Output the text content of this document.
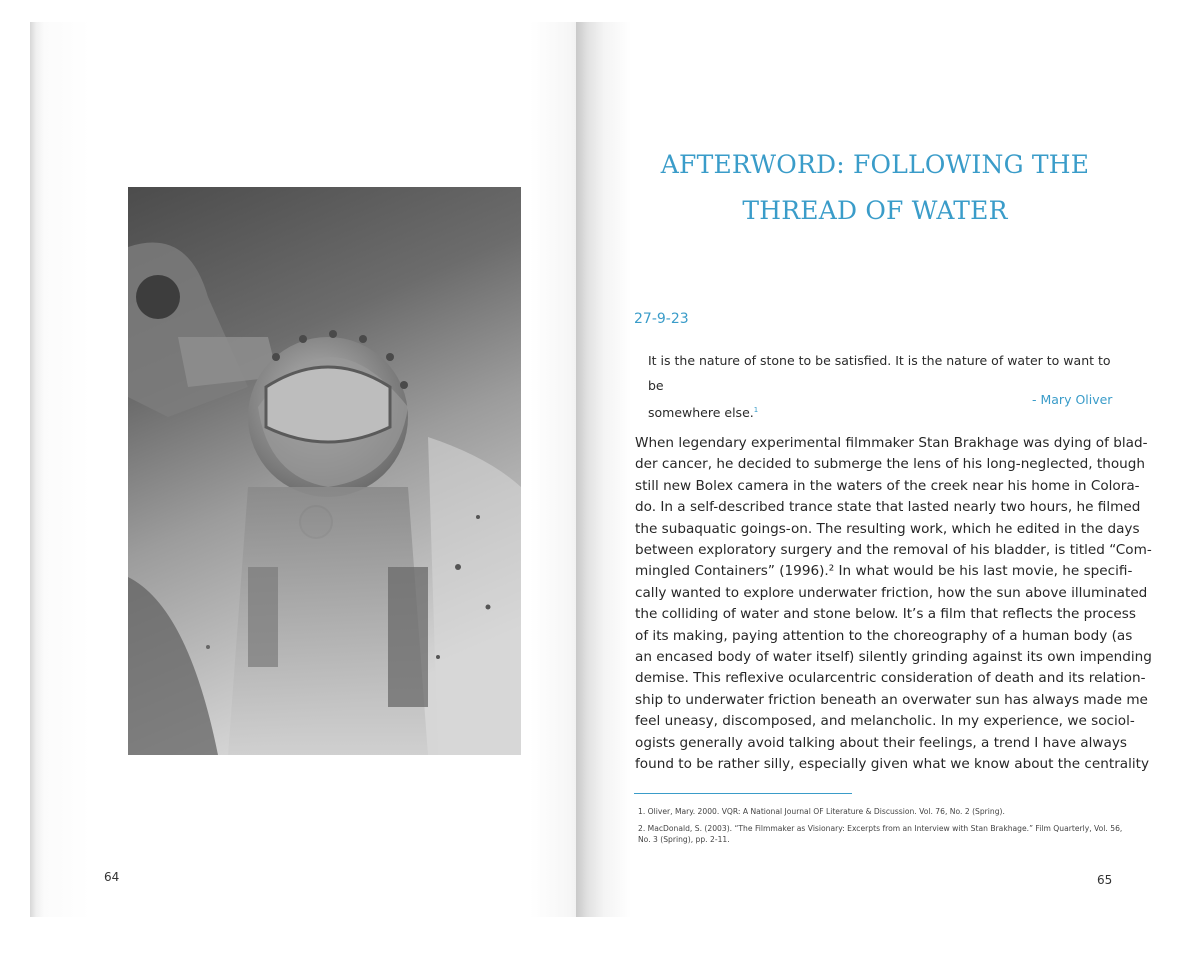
64
AFTERWORD: FOLLOWING THE
THREAD OF WATER
27-9-23
It is the nature of stone to be satisfied. It is the nature of water to want to be
somewhere else.$^1$
- Mary Oliver
When legendary experimental filmmaker Stan Brakhage was dying of blad-
der cancer, he decided to submerge the lens of his long-neglected, though
still new Bolex camera in the waters of the creek near his home in Colora-
do. In a self-described trance state that lasted nearly two hours, he filmed
the subaquatic goings-on. The resulting work, which he edited in the days
between exploratory surgery and the removal of his bladder, is titled “Com-
mingled Containers” (1996).² In what would be his last movie, he specifi-
cally wanted to explore underwater friction, how the sun above illuminated
the colliding of water and stone below. It’s a film that reflects the process
of its making, paying attention to the choreography of a human body (as
an encased body of water itself) silently grinding against its own impending
demise. This reflexive ocularcentric consideration of death and its relation-
ship to underwater friction beneath an overwater sun has always made me
feel uneasy, discomposed, and melancholic. In my experience, we sociol-
ogists generally avoid talking about their feelings, a trend I have always
found to be rather silly, especially given what we know about the centrality

1. Oliver, Mary. 2000. VQR: A National Journal OF Literature & Discussion. Vol. 76, No. 2 (Spring).

2. MacDonald, S. (2003). “The Filmmaker as Visionary: Excerpts from an Interview with Stan Brakhage.” Film Quarterly, Vol. 56, No. 3 (Spring), pp. 2-11.

65
